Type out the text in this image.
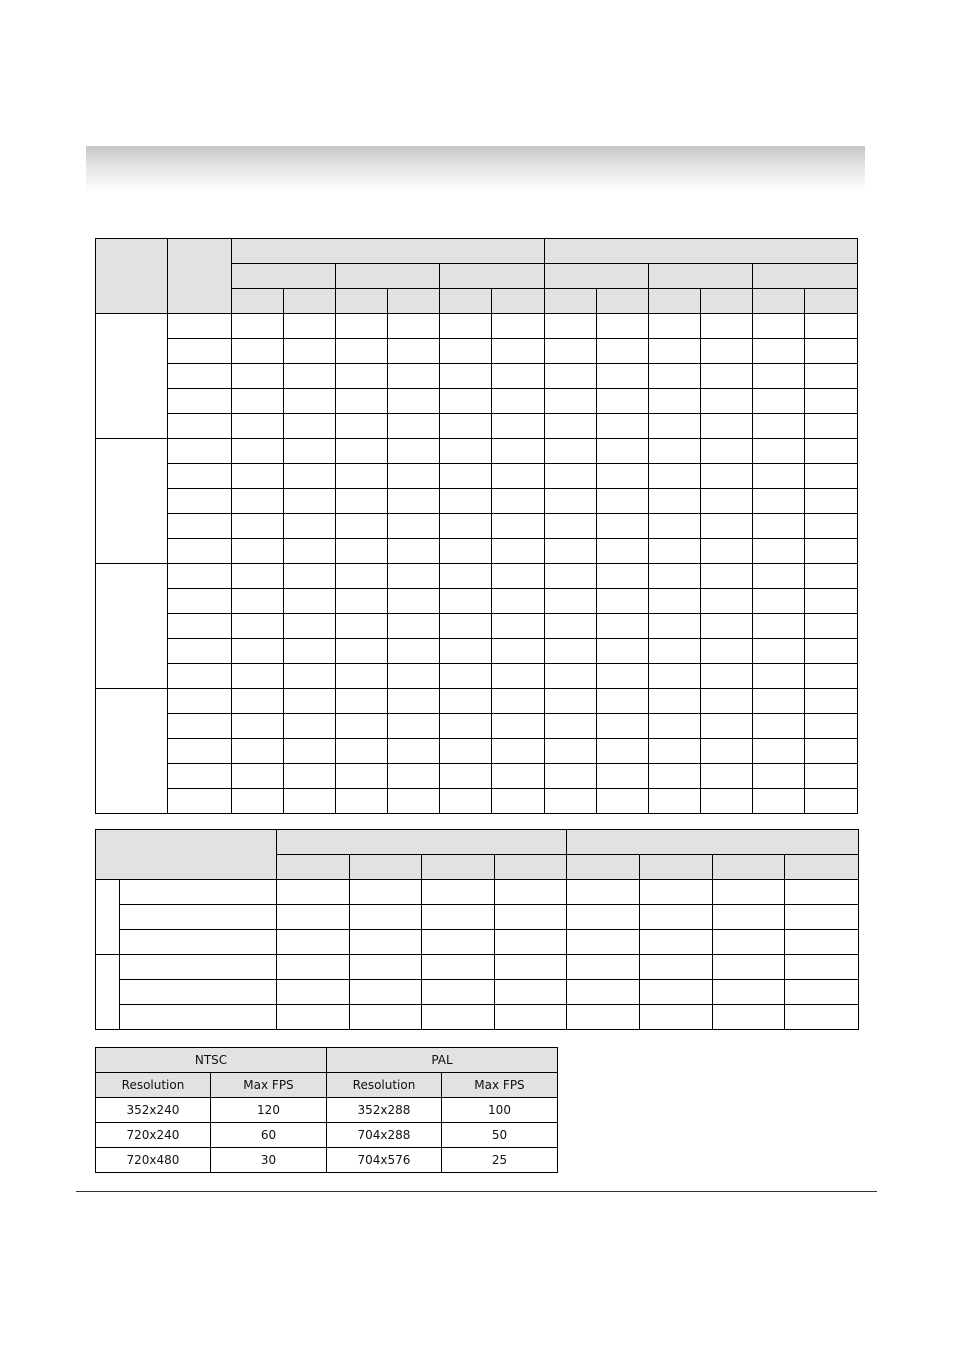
NTSC		PAL	
Resolution	Max FPS	Resolution	Max FPS
352x240	120	352x288	100
720x240	60	704x288	50
720x480	30	704x576	25
